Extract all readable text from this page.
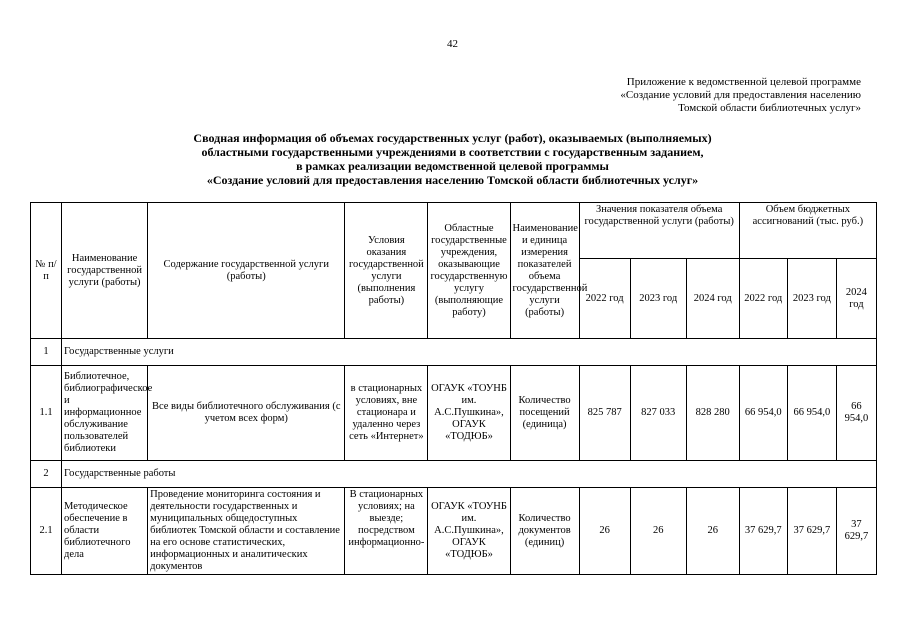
42
Приложение к ведомственной целевой программе
«Создание условий для предоставления населению
Томской области библиотечных услуг»
Сводная информация об объемах государственных услуг (работ), оказываемых (выполняемых)
областными государственными учреждениями в соответствии с государственным заданием,
в рамках реализации ведомственной целевой программы
«Создание условий для предоставления населению Томской области библиотечных услуг»
№ п/п	Наименование государственной услуги (работы)	Содержание государственной услуги (работы)	Условия оказания государственной услуги (выполнения работы)	Областные государственные учреждения, оказывающие государственную услугу (выполняющие работу)	Наименование и единица измерения показателей объема государственной услуги (работы)	Значения показателя объема государственной услуги (работы)			Объем бюджетных ассигнований (тыс. руб.)		
						2022 год	2023 год	2024 год	2022 год	2023 год	2024 год
1	Государственные услуги										
1.1	Библиотечное, библиографическое и информационное обслуживание пользователей библиотеки	Все виды библиотечного обслуживания (с учетом всех форм)	в стационарных условиях, вне стационара и удаленно через сеть «Интернет»	ОГАУК «ТОУНБ им. А.С.Пушкина», ОГАУК «ТОДЮБ»	Количество посещений (единица)	825 787	827 033	828 280	66 954,0	66 954,0	66 954,0
2	Государственные работы										
2.1	Методическое обеспечение в области библиотечного дела	Проведение мониторинга состояния и деятельности государственных и муниципальных общедоступных библиотек Томской области и составление на его основе статистических, информационных и аналитических документов	В стационарных условиях; на выезде; посредством информационно-	ОГАУК «ТОУНБ им. А.С.Пушкина», ОГАУК «ТОДЮБ»	Количество документов (единиц)	26	26	26	37 629,7	37 629,7	37 629,7
